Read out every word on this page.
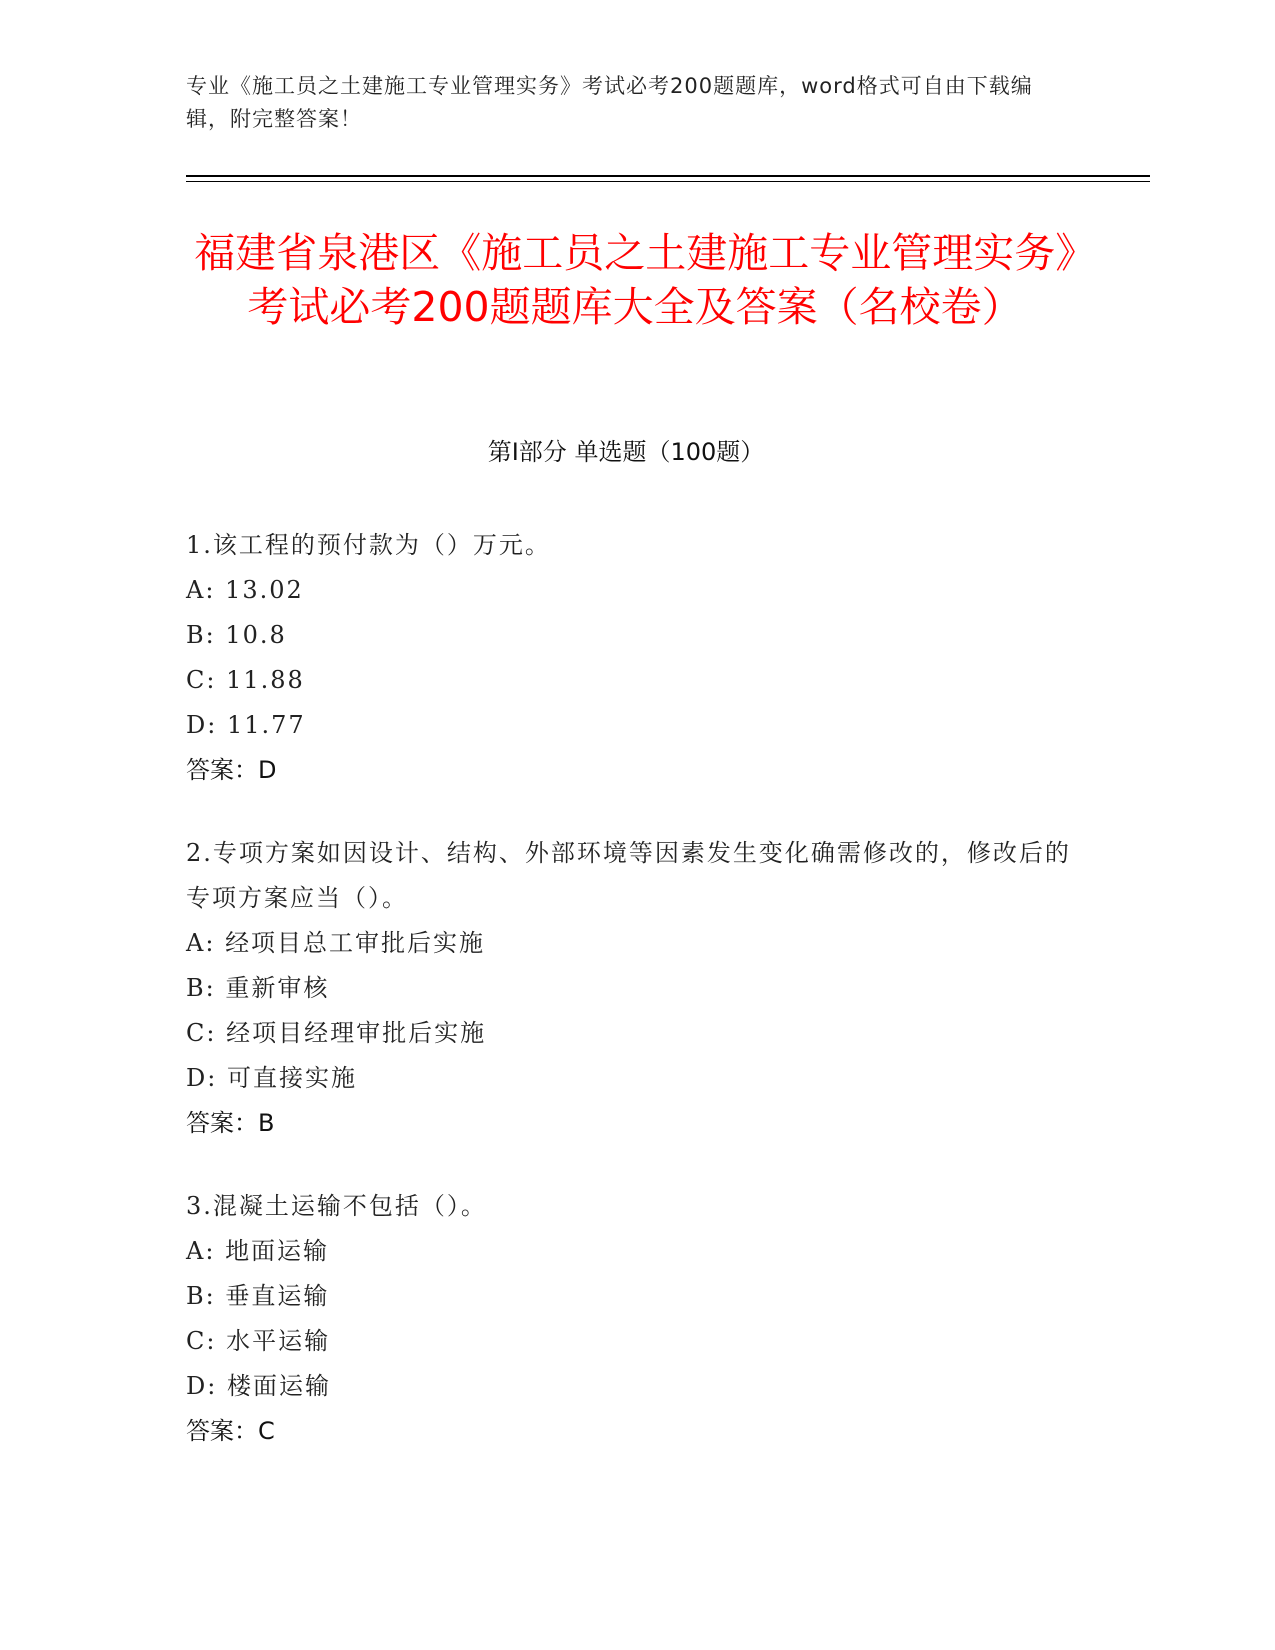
专业《施工员之土建施工专业管理实务》考试必考200题题库，word格式可自由下载编辑，附完整答案！
福建省泉港区《施工员之土建施工专业管理实务》考试必考200题题库大全及答案（名校卷）
第I部分 单选题（100题）
1.该工程的预付款为（）万元。
A: 13.02
B: 10.8
C: 11.88
D: 11.77
答案：D
2.专项方案如因设计、结构、外部环境等因素发生变化确需修改的，修改后的专项方案应当（）。
A: 经项目总工审批后实施
B: 重新审核
C: 经项目经理审批后实施
D: 可直接实施
答案：B
3.混凝土运输不包括（）。
A: 地面运输
B: 垂直运输
C: 水平运输
D: 楼面运输
答案：C
